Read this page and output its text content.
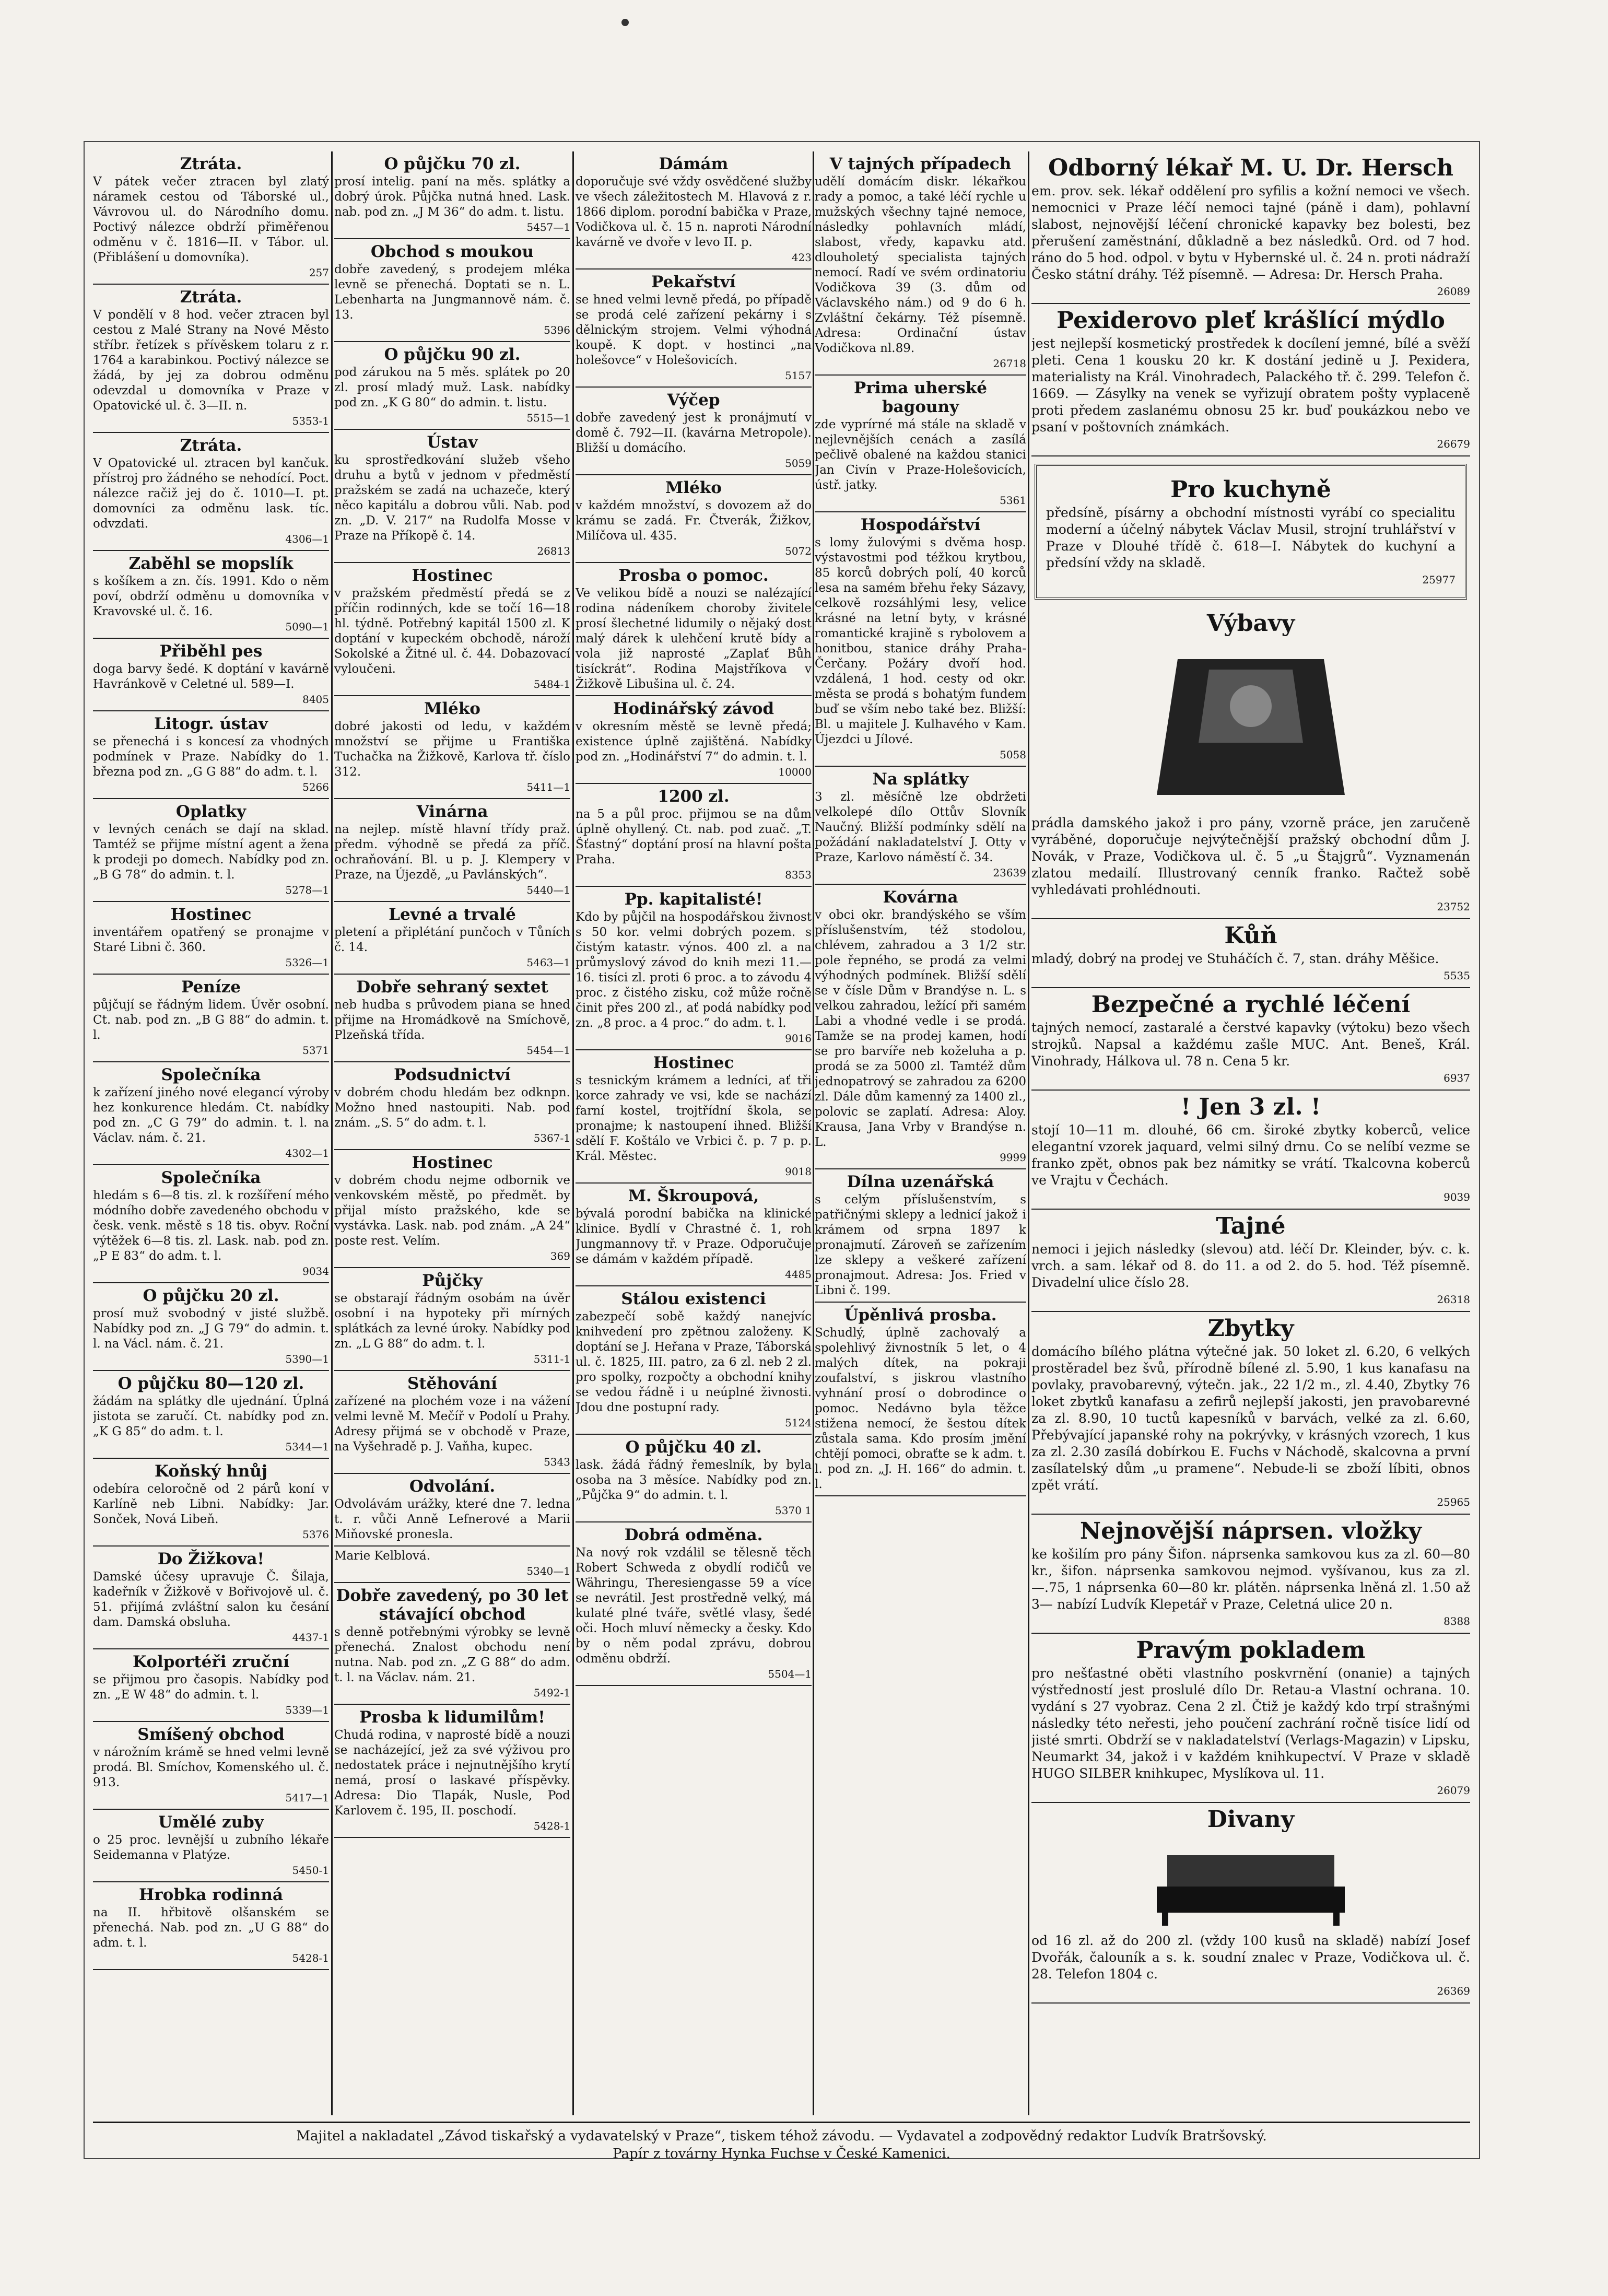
Ztráta.

V pátek večer ztracen byl zlatý náramek cestou od Táborské ul., Vávrovou ul. do Národního domu. Poctivý nálezce obdrží přiměřenou odměnu v č. 1816—II. v Tábor. ul. (Přiblášení u domovníka).

257
Ztráta.

V pondělí v 8 hod. večer ztracen byl cestou z Malé Strany na Nové Město stříbr. řetízek s přívěskem tolaru z r. 1764 a karabinkou. Poctivý nálezce se žádá, by jej za dobrou odměnu odevzdal u domovníka v Praze v Opatovické ul. č. 3—II. n.

5353-1
Ztráta.

V Opatovické ul. ztracen byl kančuk. přístroj pro žádného se nehodící. Poct. nálezce račiž jej do č. 1010—I. pt. domovníci za odměnu lask. tíc. odvzdati.

4306—1
Zaběhl se mopslík

s košíkem a zn. čís. 1991. Kdo o něm poví, obdrží odměnu u domovníka v Kravovské ul. č. 16.

5090—1
Přiběhl pes

doga barvy šedé. K doptání v kavárně Havránkově v Celetné ul. 589—I.

8405
Litogr. ústav

se přenechá i s koncesí za vhodných podmínek v Praze. Nabídky do 1. března pod zn. „G G 88“ do adm. t. l.

5266
Oplatky

v levných cenách se dají na sklad. Tamtéž se přijme místní agent a žena k prodeji po domech. Nabídky pod zn. „B G 78“ do admin. t. l.

5278—1
Hostinec

inventářem opatřený se pronajme v Staré Libni č. 360.

5326—1
Peníze

půjčují se řádným lidem. Úvěr osobní. Ct. nab. pod zn. „B G 88“ do admin. t. l.

5371
Společníka

k zařízení jiného nové elegancí výroby hez konkurence hledám. Ct. nabídky pod zn. „C G 79“ do admin. t. l. na Václav. nám. č. 21.

4302—1
Společníka

hledám s 6—8 tis. zl. k rozšíření mého módního dobře zavedeného obchodu v česk. venk. městě s 18 tis. obyv. Roční výtěžek 6—8 tis. zl. Lask. nab. pod zn. „P E 83“ do adm. t. l.

9034
O půjčku 20 zl.

prosí muž svobodný v jisté službě. Nabídky pod zn. „J G 79“ do admin. t. l. na Václ. nám. č. 21.

5390—1
O půjčku 80—120 zl.

žádám na splátky dle ujednání. Úplná jistota se zaručí. Ct. nabídky pod zn. „K G 85“ do adm. t. l.

5344—1
Koňský hnůj

odebíra celoročně od 2 párů koní v Karlíně neb Libni. Nabídky: Jar. Sonček, Nová Libeň.

5376
Do Žižkova!

Damské účesy upravuje Č. Šilaja, kadeřník v Žižkově v Bořivojově ul. č. 51. přijímá zvláštní salon ku česání dam. Damská obsluha.

4437-1
Kolportéři zruční

se přijmou pro časopis. Nabídky pod zn. „E W 48“ do admin. t. l.

5339—1
Smíšený obchod

v nárožním krámě se hned velmi levně prodá. Bl. Smíchov, Komenského ul. č. 913.

5417—1
Umělé zuby

o 25 proc. levnější u zubního lékaře Seidemanna v Platýze.

5450-1
Hrobka rodinná

na II. hřbitově olšanském se přenechá. Nab. pod zn. „U G 88“ do adm. t. l.

5428-1
O půjčku 70 zl.

prosí intelig. paní na měs. splátky a dobrý úrok. Půjčka nutná hned. Lask. nab. pod zn. „J M 36“ do adm. t. listu.

5457—1
Obchod s moukou

dobře zavedený, s prodejem mléka levně se přenechá. Doptati se n. L. Lebenharta na Jungmannově nám. č. 13.

5396
O půjčku 90 zl.

pod zárukou na 5 měs. splátek po 20 zl. prosí mladý muž. Lask. nabídky pod zn. „K G 80“ do admin. t. listu.

5515—1
Ústav

ku sprostředkování služeb všeho druhu a bytů v jednom v předměstí pražském se zadá na uchazeče, který něco kapitálu a dobrou vůli. Nab. pod zn. „D. V. 217“ na Rudolfa Mosse v Praze na Příkopě č. 14.

26813
Hostinec

v pražském předměstí předá se z příčin rodinných, kde se točí 16—18 hl. týdně. Potřebný kapitál 1500 zl. K doptání v kupeckém obchodě, nároží Sokolské a Žitné ul. č. 44. Dobazovací vyloučeni.

5484-1
Mléko

dobré jakosti od ledu, v každém množství se přijme u Františka Tuchačka na Žižkově, Karlova tř. číslo 312.

5411—1
Vinárna

na nejlep. místě hlavní třídy praž. předm. výhodně se předá za příč. ochraňování. Bl. u p. J. Klempery v Praze, na Újezdě, „u Pavlánských“.

5440—1
Levné a trvalé

pletení a připlétání punčoch v Tůních č. 14.

5463—1
Dobře sehraný sextet

neb hudba s průvodem piana se hned přijme na Hromádkově na Smíchově, Plzeňská třída.

5454—1
Podsudnictví

v dobrém chodu hledám bez odknpn. Možno hned nastoupiti. Nab. pod znám. „S. 5“ do adm. t. l.

5367-1
Hostinec

v dobrém chodu nejme odbornik ve venkovském městě, po předmět. by přijal místo pražského, kde se vystávka. Lask. nab. pod znám. „A 24“ poste rest. Velím.

369
Půjčky

se obstarají řádným osobám na úvěr osobní i na hypoteky při mírných splátkách za levné úroky. Nabídky pod zn. „L G 88“ do adm. t. l.

5311-1
Stěhování

zařízené na plochém voze i na vážení velmi levně M. Mečíř v Podolí u Prahy. Adresy přijmá se v obchodě v Praze, na Vyšehradě p. J. Vaňha, kupec.

5343
Odvolání.

Odvolávám urážky, které dne 7. ledna t. r. vůči Anně Lefnerové a Marii Miňovské pronesla.

Marie Kelblová.

5340—1
Dobře zavedený, po 30 let stávající obchod

s denně potřebnými výrobky se levně přenechá. Znalost obchodu není nutna. Nab. pod zn. „Z G 88“ do adm. t. l. na Václav. nám. 21.

5492-1
Prosba k lidumilům!

Chudá rodina, v naprosté bídě a nouzi se nacházející, jež za své výživou pro nedostatek práce i nejnutnějšího krytí nemá, prosí o laskavé příspěvky. Adresa: Dio Tlapák, Nusle, Pod Karlovem č. 195, II. poschodí.

5428-1
Dámám

doporučuje své vždy osvědčené služby ve všech záležitostech M. Hlavová z r. 1866 diplom. porodní babička v Praze, Vodičkova ul. č. 15 n. naproti Národní kavárně ve dvoře v levo II. p.

423
Pekařství

se hned velmi levně předá, po případě se prodá celé zařízení pekárny i s dělnickým strojem. Velmi výhodná koupě. K dopt. v hostinci „na holešovce“ v Holešovicích.

5157
Výčep

dobře zavedený jest k pronájmutí v domě č. 792—II. (kavárna Metropole). Bližší u domácího.

5059
Mléko

v každém množství, s dovozem až do krámu se zadá. Fr. Čtverák, Žižkov, Milíčova ul. 435.

5072
Prosba o pomoc.

Ve velikou bídě a nouzi se nalézající rodina nádeníkem choroby živitele prosí šlechetné lidumily o nějaký dost malý dárek k ulehčení krutě bídy a vola již naprosté „Zaplať Bůh tisíckrát“. Rodina Majstříkova v Žižkově Libušina ul. č. 24.

Hodinářský závod

v okresním městě se levně předá; existence úplně zajištěná. Nabídky pod zn. „Hodinářství 7“ do admin. t. l.

10000
1200 zl.

na 5 a půl proc. přijmou se na dům úplně ohyllený. Ct. nab. pod zuač. „T. Šťastný“ doptání prosí na hlavní pošta Praha.

8353
Pp. kapitalisté!

Kdo by půjčil na hospodářskou živnost s 50 kor. velmi dobrých pozem. s čistým katastr. výnos. 400 zl. a na průmyslový závod do knih mezi 11.—16. tisíci zl. proti 6 proc. a to závodu 4 proc. z čistého zisku, což může ročně činit přes 200 zl., ať podá nabídky pod zn. „8 proc. a 4 proc.“ do adm. t. l.

9016
Hostinec

s tesnickým krámem a ledníci, ať tři korce zahrady ve vsi, kde se nachází farní kostel, trojtřídní škola, se pronajme; k nastoupení ihned. Bližší sdělí F. Koštálo ve Vrbici č. p. 7 p. p. Král. Městec.

9018
M. Škroupová,

bývalá porodní babička na klinické klinice. Bydlí v Chrastné č. 1, roh Jungmannovy tř. v Praze. Odporučuje se dámám v každém případě.

4485
Stálou existenci

zabezpečí sobě každý nanejvíc knihvedení pro zpětnou založeny. K doptání se J. Heřana v Praze, Táborská ul. č. 1825, III. patro, za 6 zl. neb 2 zl. pro spolky, rozpočty a obchodní knihy se vedou řádně i u neúplné živnosti. Jdou dne postupní rady.

5124
O půjčku 40 zl.

lask. žádá řádný řemeslník, by byla osoba na 3 měsíce. Nabídky pod zn. „Půjčka 9“ do admin. t. l.

5370 1
Dobrá odměna.

Na nový rok vzdálil se tělesně těch Robert Schweda z obydlí rodičů ve Währingu, Theresiengasse 59 a více se nevrátil. Jest prostředně velký, má kulaté plné tváře, světlé vlasy, šedé oči. Hoch mluví německy a česky. Kdo by o něm podal zprávu, dobrou odměnu obdrží.

5504—1
V tajných případech

udělí domácím diskr. lékařkou rady a pomoc, a také léčí rychle u mužských všechny tajné nemoce, následky pohlavních mládí, slabost, vředy, kapavku atd. dlouholetý specialista tajných nemocí. Radí ve svém ordinatoriu Vodičkova 39 (3. dům od Václavského nám.) od 9 do 6 h. Zvláštní čekárny. Též písemně. Adresa: Ordinační ústav Vodičkova nl.89.

26718
Prima uherské bagouny

zde vyprírné má stále na skladě v nejlevnějších cenách a zasílá pečlivě obalené na každou stanici Jan Civín v Praze-Holešovicích, ústř. jatky.

5361
Hospodářství

s lomy žulovými s dvěma hosp. výstavostmi pod téžkou krytbou, 85 korců dobrých polí, 40 korců lesa na samém břehu řeky Sázavy, celkově rozsáhlými lesy, velice krásné na letní byty, v krásné romantické krajině s rybolovem a honitbou, stanice dráhy Praha-Čerčany. Požáry dvoří hod. vzdálená, 1 hod. cesty od okr. města se prodá s bohatým fundem buď se vším nebo také bez. Bližší: Bl. u majitele J. Kulhavého v Kam. Újezdci u Jílové.

5058
Na splátky

3 zl. měsíčně lze obdržeti velkolepé dílo Ottův Slovník Naučný. Bližší podmínky sdělí na požádání nakladatelství J. Otty v Praze, Karlovo náměstí č. 34.

23639
Kovárna

v obci okr. brandýského se vším příslušenstvím, též stodolou, chlévem, zahradou a 3 1/2 str. pole řepného, se prodá za velmi výhodných podmínek. Bližší sdělí se v čísle Dům v Brandýse n. L. s velkou zahradou, ležící při samém Labi a vhodné vedle i se prodá. Tamže se na prodej kamen, hodí se pro barvíře neb koželuha a p. prodá se za 5000 zl. Tamtéž dům jednopatrový se zahradou za 6200 zl. Dále dům kamenný za 1400 zl., polovic se zaplatí. Adresa: Aloy. Krausa, Jana Vrby v Brandýse n. L.

9999
Dílna uzenářská

s celým příslušenstvím, s patřičnými sklepy a lednicí jakož i krámem od srpna 1897 k pronajmutí. Zároveň se zařízením lze sklepy a veškeré zařízení pronajmout. Adresa: Jos. Fried v Libni č. 199.

Úpěnlivá prosba.

Schudlý, úplně zachovalý a spolehlivý živnostník 5 let, o 4 malých dítek, na pokraji zoufalství, s jiskrou vlastního vyhnání prosí o dobrodince o pomoc. Nedávno byla těžce stižena nemocí, že šestou dítek zůstala sama. Kdo prosím jmění chtějí pomoci, obraťte se k adm. t. l. pod zn. „J. H. 166“ do admin. t. l.

Odborný lékař M. U. Dr. Hersch

em. prov. sek. lékař oddělení pro syfilis a kožní nemoci ve všech. nemocnici v Praze léčí nemoci tajné (páně i dam), pohlavní slabost, nejnovější léčení chronické kapavky bez bolesti, bez přerušení zaměstnání, důkladně a bez následků. Ord. od 7 hod. ráno do 5 hod. odpol. v bytu v Hybernské ul. č. 24 n. proti nádraží Česko státní dráhy. Též písemně. — Adresa: Dr. Hersch Praha.

26089
Pexiderovo pleť krášlící mýdlo

jest nejlepší kosmetický prostředek k docílení jemné, bílé a svěží pleti. Cena 1 kousku 20 kr. K dostání jedině u J. Pexidera, materialisty na Král. Vinohradech, Palackého tř. č. 299. Telefon č. 1669. — Zásylky na venek se vyřizují obratem pošty vyplaceně proti předem zaslanému obnosu 25 kr. buď poukázkou nebo ve psaní v poštovních známkách.

26679
Pro kuchyně

předsíně, písárny a obchodní místnosti vyrábí co specialitu moderní a účelný nábytek Václav Musil, strojní truhlářství v Praze v Dlouhé třídě č. 618—I. Nábytek do kuchyní a předsíní vždy na skladě.

25977
Výbavy

prádla damského jakož i pro pány, vzorně práce, jen zaručeně vyráběné, doporučuje nejvýtečnější pražský obchodní dům J. Novák, v Praze, Vodičkova ul. č. 5 „u Štajgrů“. Vyznamenán zlatou medailí. Illustrovaný cenník franko. Račtež sobě vyhledávati prohlédnouti.

23752
Kůň

mladý, dobrý na prodej ve Stuháčích č. 7, stan. dráhy Měšice.

5535
Bezpečné a rychlé léčení

tajných nemocí, zastaralé a čerstvé kapavky (výtoku) bezo všech strojků. Napsal a každému zašle MUC. Ant. Beneš, Král. Vinohrady, Hálkova ul. 78 n. Cena 5 kr.

6937
! Jen 3 zl. !

stojí 10—11 m. dlouhé, 66 cm. široké zbytky koberců, velice elegantní vzorek jaquard, velmi silný drnu. Co se nelíbí vezme se franko zpět, obnos pak bez námitky se vrátí. Tkalcovna koberců ve Vrajtu v Čechách.

9039
Tajné

nemoci i jejich následky (slevou) atd. léčí Dr. Kleinder, býv. c. k. vrch. a sam. lékař od 8. do 11. a od 2. do 5. hod. Též písemně. Divadelní ulice číslo 28.

26318
Zbytky

domácího bílého plátna výtečné jak. 50 loket zl. 6.20, 6 velkých prostěradel bez švů, přírodně bílené zl. 5.90, 1 kus kanafasu na povlaky, pravobarevný, výtečn. jak., 22 1/2 m., zl. 4.40, Zbytky 76 loket zbytků kanafasu a zefirů nejlepší jakosti, jen pravobarevné za zl. 8.90, 10 tuctů kapesníků v barvách, velké za zl. 6.60, Přebývající japanské rohy na pokrývky, v krásných vzorech, 1 kus za zl. 2.30 zasílá dobírkou E. Fuchs v Náchodě, skalcovna a první zasílatelský dům „u pramene“. Nebude-li se zboží líbiti, obnos zpět vrátí.

25965
Nejnovější náprsen. vložky

ke košilím pro pány Šifon. náprsenka samkovou kus za zl. 60—80 kr., šifon. náprsenka samkovou nejmod. vyšívanou, kus za zl. —.75, 1 náprsenka 60—80 kr. plátěn. náprsenka lněná zl. 1.50 až 3— nabízí Ludvík Klepetář v Praze, Celetná ulice 20 n.

8388
Pravým pokladem

pro nešťastné oběti vlastního poskvrnění (onanie) a tajných výstředností jest proslulé dílo Dr. Retau-a Vlastní ochrana. 10. vydání s 27 vyobraz. Cena 2 zl. Čtiž je každý kdo trpí strašnými následky této neřesti, jeho poučení zachrání ročně tisíce lidí od jisté smrti. Obdrží se v nakladatelství (Verlags-Magazin) v Lipsku, Neumarkt 34, jakož i v každém knihkupectví. V Praze v skladě HUGO SILBER knihkupec, Myslíkova ul. 11.

26079
Divany

od 16 zl. až do 200 zl. (vždy 100 kusů na skladě) nabízí Josef Dvořák, čalouník a s. k. soudní znalec v Praze, Vodičkova ul. č. 28. Telefon 1804 c.

26369
Majitel a nakladatel „Závod tiskařský a vydavatelský v Praze“, tiskem téhož závodu. — Vydavatel a zodpovědný redaktor Ludvík Bratršovský.
Papír z továrny Hynka Fuchse v České Kamenici.
